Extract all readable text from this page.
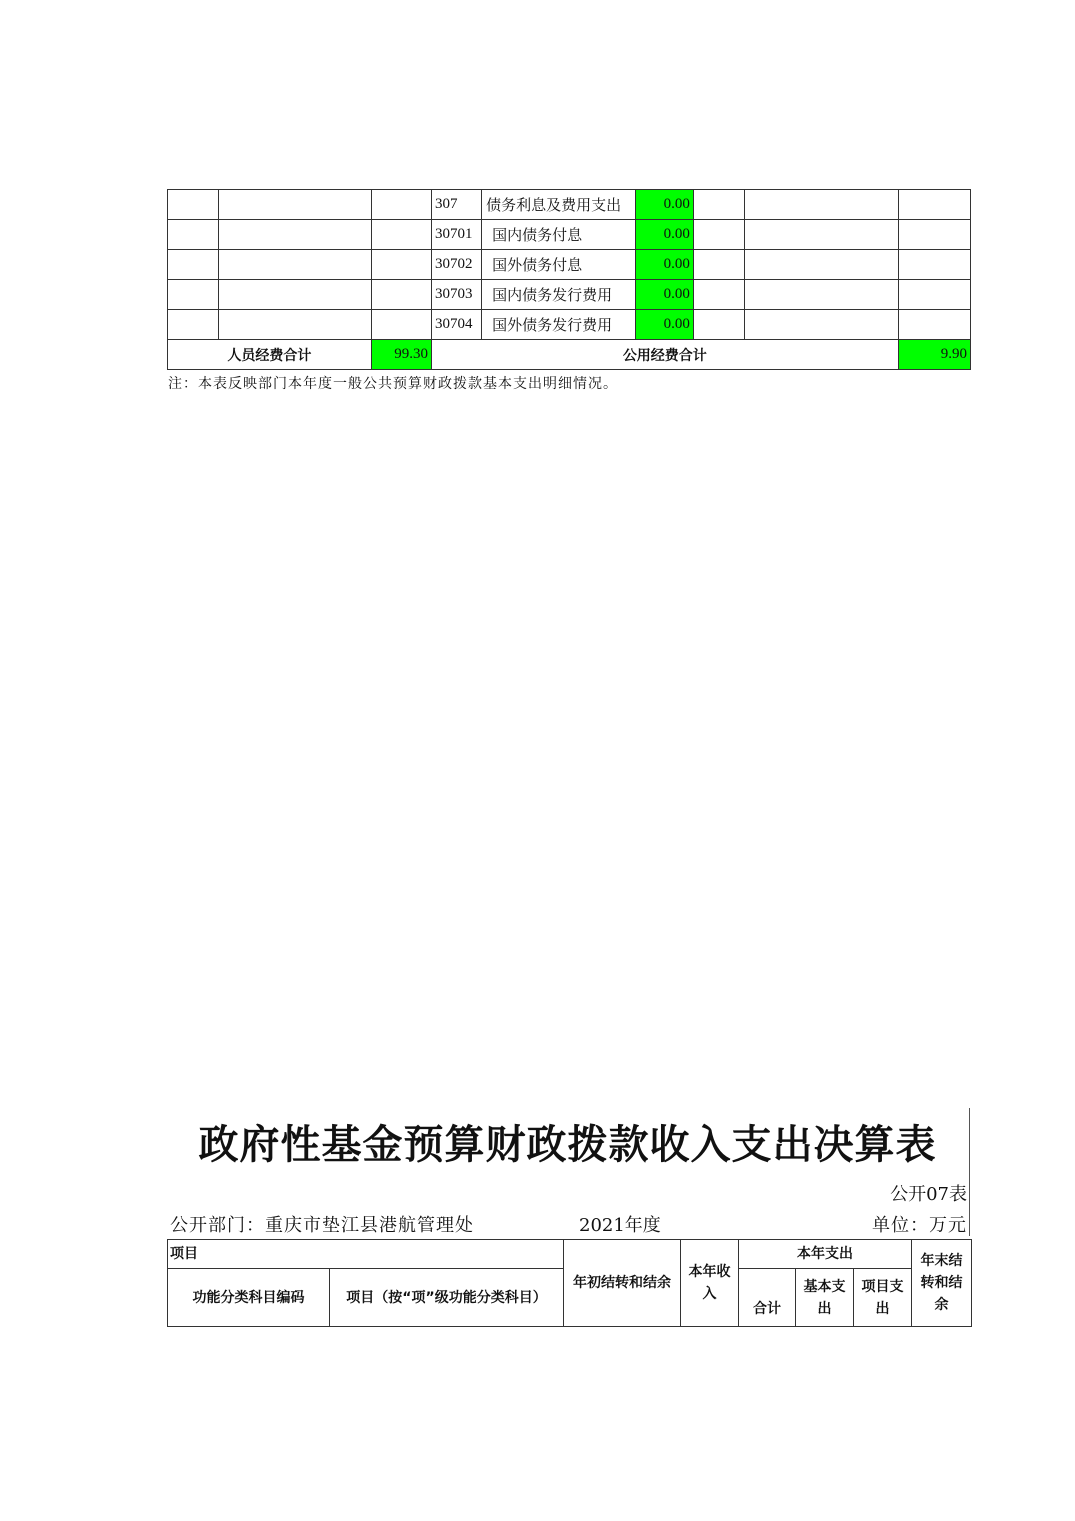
			307	债务利息及费用支出	0.00			
			30701	国内债务付息	0.00			
			30702	国外债务付息	0.00			
			30703	国内债务发行费用	0.00			
			30704	国外债务发行费用	0.00			
人员经费合计		99.30	公用经费合计					9.90
注：本表反映部门本年度一般公共预算财政拨款基本支出明细情况。
政府性基金预算财政拨款收入支出决算表
公开07表
公开部门：重庆市垫江县港航管理处	2021年度	单位：万元
项目		年初结转和结余	本年收入	本年支出			年末结转和结余
功能分类科目编码	项目（按“项”级功能分类科目）			合计	基本支出	项目支出	
